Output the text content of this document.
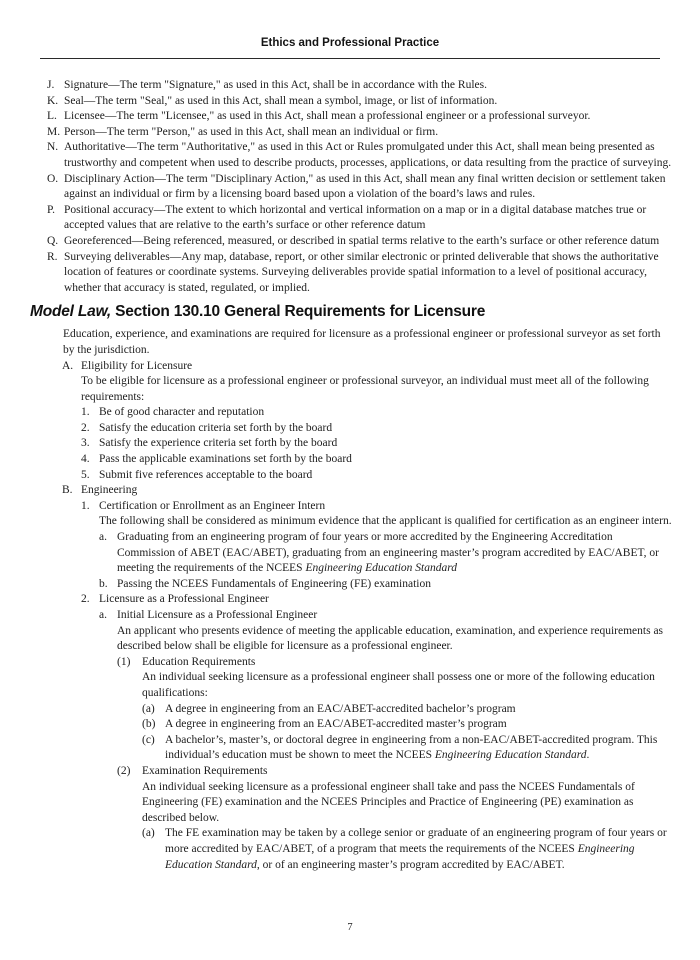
Ethics and Professional Practice
J. Signature—The term "Signature," as used in this Act, shall be in accordance with the Rules.
K. Seal—The term "Seal," as used in this Act, shall mean a symbol, image, or list of information.
L. Licensee—The term "Licensee," as used in this Act, shall mean a professional engineer or a professional surveyor.
M. Person—The term "Person," as used in this Act, shall mean an individual or firm.
N. Authoritative—The term "Authoritative," as used in this Act or Rules promulgated under this Act, shall mean being presented as trustworthy and competent when used to describe products, processes, applications, or data resulting from the practice of surveying.
O. Disciplinary Action—The term "Disciplinary Action," as used in this Act, shall mean any final written decision or settlement taken against an individual or firm by a licensing board based upon a violation of the board’s laws and rules.
P. Positional accuracy—The extent to which horizontal and vertical information on a map or in a digital database matches true or accepted values that are relative to the earth’s surface or other reference datum
Q. Georeferenced—Being referenced, measured, or described in spatial terms relative to the earth’s surface or other reference datum
R. Surveying deliverables—Any map, database, report, or other similar electronic or printed deliverable that shows the authoritative location of features or coordinate systems. Surveying deliverables provide spatial information to a level of positional accuracy, whether that accuracy is stated, regulated, or implied.
Model Law, Section 130.10 General Requirements for Licensure
Education, experience, and examinations are required for licensure as a professional engineer or professional surveyor as set forth by the jurisdiction.
A. Eligibility for Licensure
To be eligible for licensure as a professional engineer or professional surveyor, an individual must meet all of the following requirements:
1. Be of good character and reputation
2. Satisfy the education criteria set forth by the board
3. Satisfy the experience criteria set forth by the board
4. Pass the applicable examinations set forth by the board
5. Submit five references acceptable to the board
B. Engineering
1. Certification or Enrollment as an Engineer Intern
The following shall be considered as minimum evidence that the applicant is qualified for certification as an engineer intern.
a. Graduating from an engineering program of four years or more accredited by the Engineering Accreditation Commission of ABET (EAC/ABET), graduating from an engineering master’s program accredited by EAC/ABET, or meeting the requirements of the NCEES Engineering Education Standard
b. Passing the NCEES Fundamentals of Engineering (FE) examination
2. Licensure as a Professional Engineer
a. Initial Licensure as a Professional Engineer
An applicant who presents evidence of meeting the applicable education, examination, and experience requirements as described below shall be eligible for licensure as a professional engineer.
(1) Education Requirements
An individual seeking licensure as a professional engineer shall possess one or more of the following education qualifications:
(a) A degree in engineering from an EAC/ABET-accredited bachelor’s program
(b) A degree in engineering from an EAC/ABET-accredited master’s program
(c) A bachelor’s, master’s, or doctoral degree in engineering from a non-EAC/ABET-accredited program. This individual’s education must be shown to meet the NCEES Engineering Education Standard.
(2) Examination Requirements
An individual seeking licensure as a professional engineer shall take and pass the NCEES Fundamentals of Engineering (FE) examination and the NCEES Principles and Practice of Engineering (PE) examination as described below.
(a) The FE examination may be taken by a college senior or graduate of an engineering program of four years or more accredited by EAC/ABET, of a program that meets the requirements of the NCEES Engineering Education Standard, or of an engineering master’s program accredited by EAC/ABET.
7
